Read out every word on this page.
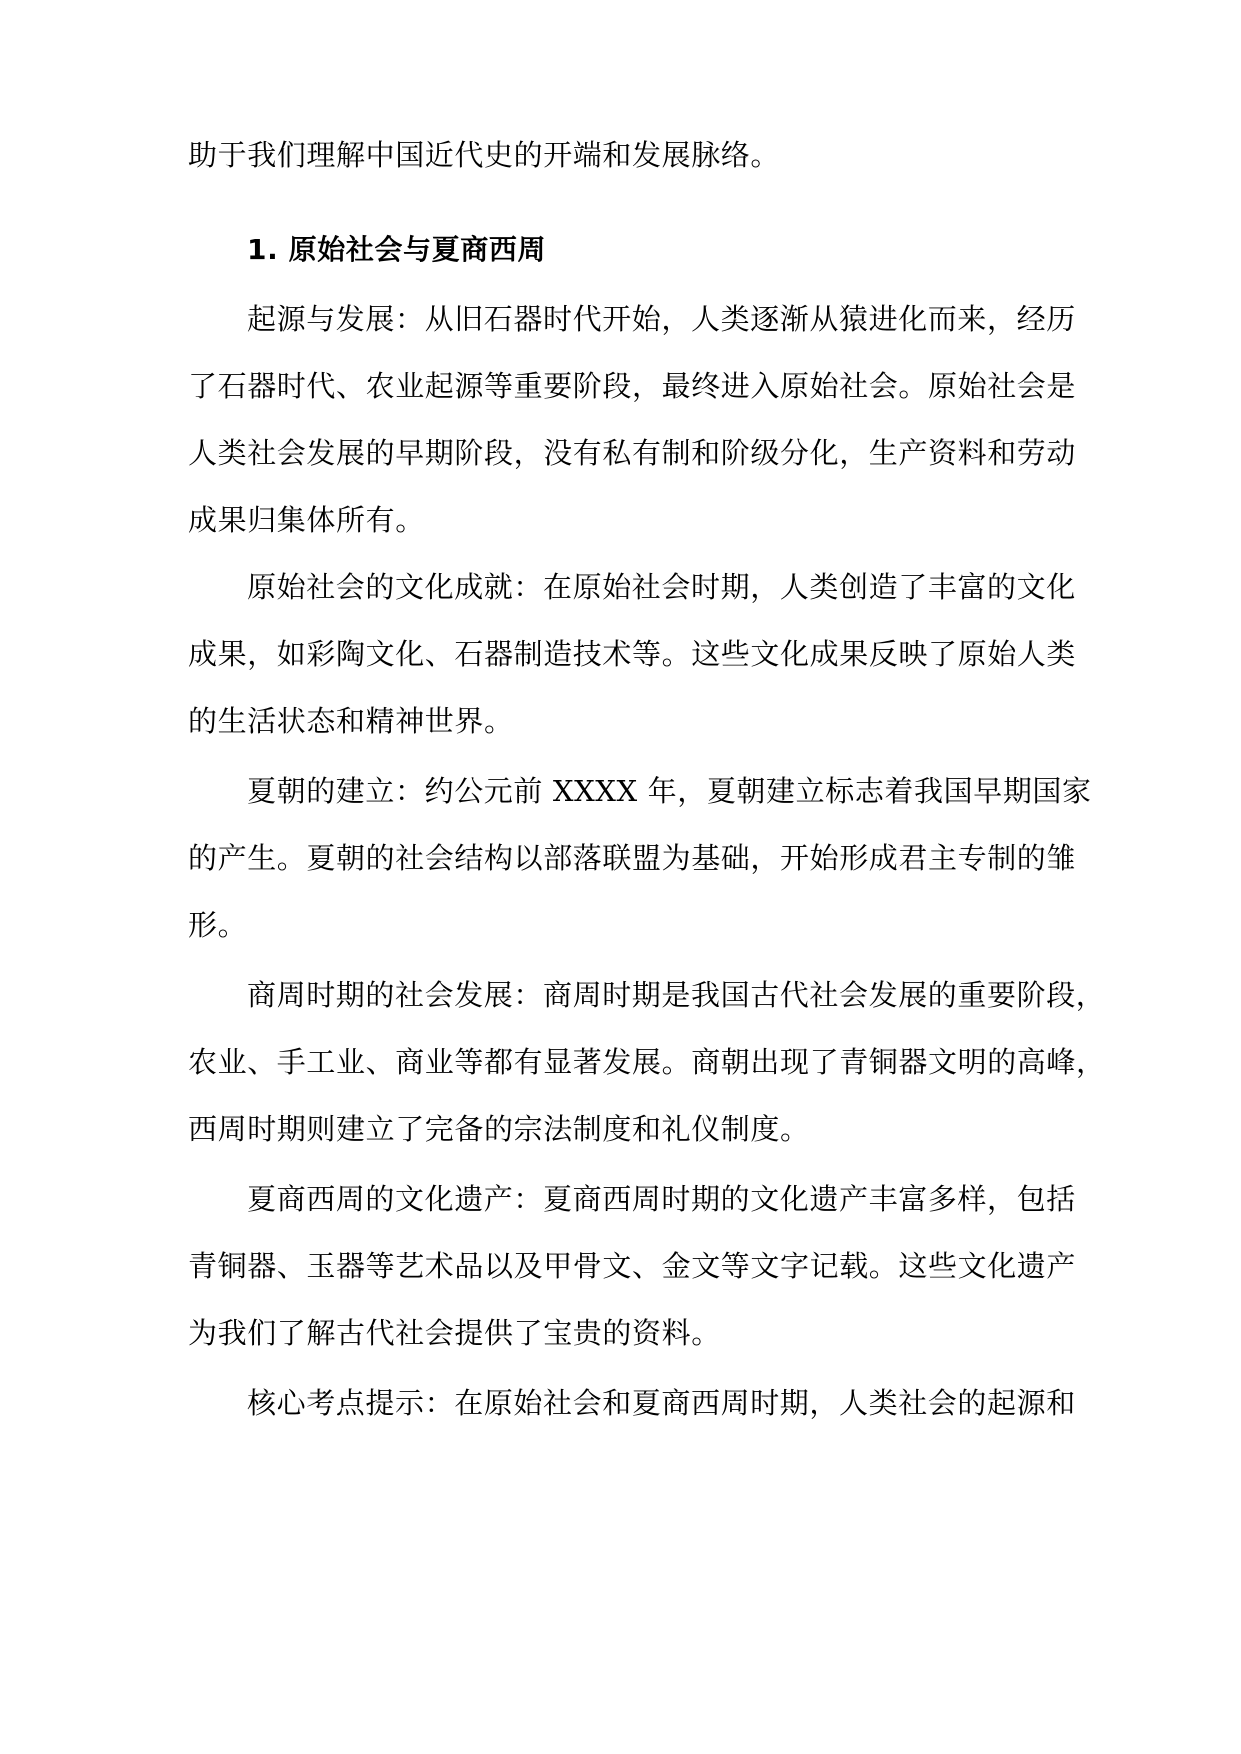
助于我们理解中国近代史的开端和发展脉络。
1. 原始社会与夏商西周
起源与发展：从旧石器时代开始，人类逐渐从猿进化而来，经历
了石器时代、农业起源等重要阶段，最终进入原始社会。原始社会是
人类社会发展的早期阶段，没有私有制和阶级分化，生产资料和劳动
成果归集体所有。
原始社会的文化成就：在原始社会时期，人类创造了丰富的文化
成果，如彩陶文化、石器制造技术等。这些文化成果反映了原始人类
的生活状态和精神世界。
夏朝的建立：约公元前 XXXX 年，夏朝建立标志着我国早期国家
的产生。夏朝的社会结构以部落联盟为基础，开始形成君主专制的雏
形。
商周时期的社会发展：商周时期是我国古代社会发展的重要阶段，
农业、手工业、商业等都有显著发展。商朝出现了青铜器文明的高峰，
西周时期则建立了完备的宗法制度和礼仪制度。
夏商西周的文化遗产：夏商西周时期的文化遗产丰富多样，包括
青铜器、玉器等艺术品以及甲骨文、金文等文字记载。这些文化遗产
为我们了解古代社会提供了宝贵的资料。
核心考点提示：在原始社会和夏商西周时期，人类社会的起源和
